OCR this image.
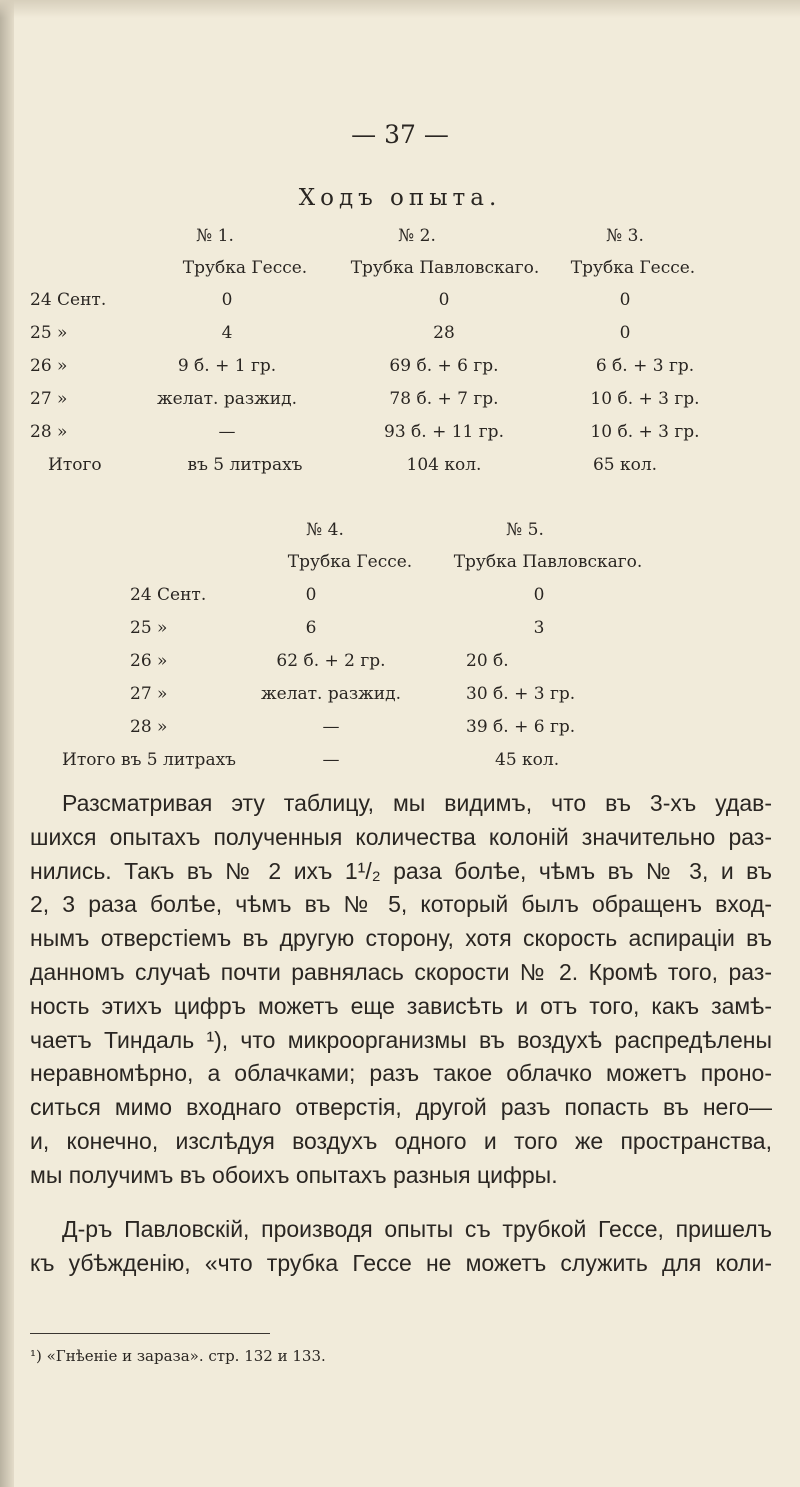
— 37 —
Ходъ опыта.
№ 1.	№ 2.	№ 3.
Трубка Гессе.	Трубка Павловскаго.	Трубка Гессе.
24 Сент.	0	0	0
25 »	4	28	0
26 »	9 б. + 1 гр.	69 б. + 6 гр.	6 б. + 3 гр.
27 »	желат. разжид.	78 б. + 7 гр.	10 б. + 3 гр.
28 »	—	93 б. + 11 гр.	10 б. + 3 гр.
Итого	въ 5 литрахъ	104 кол.	65 кол.
№ 4.	№ 5.
Трубка Гессе.	Трубка Павловскаго.
24 Сент.	0	0
25 »	6	3
26 »	62 б. + 2 гр.	20 б.
27 »	желат. разжид.	30 б. + 3 гр.
28 »	—	39 б. + 6 гр.
Итого въ 5 литрахъ	—	45 кол.
Разсматривая эту таблицу, мы видимъ, что въ 3-хъ удав-
шихся опытахъ полученныя количества колоній значительно раз-
нились. Такъ въ № 2 ихъ 1¹/₂ раза болѣе, чѣмъ въ № 3, и въ
2, 3 раза болѣе, чѣмъ въ № 5, который былъ обращенъ вход-
нымъ отверстіемъ въ другую сторону, хотя скорость аспираціи въ
данномъ случаѣ почти равнялась скорости № 2. Кромѣ того, раз-
ность этихъ цифръ можетъ еще зависѣть и отъ того, какъ замѣ-
чаетъ Тиндаль ¹), что микроорганизмы въ воздухѣ распредѣлены
неравномѣрно, а облачками; разъ такое облачко можетъ проно-
ситься мимо входнаго отверстія, другой разъ попасть въ него—
и, конечно, изслѣдуя воздухъ одного и того же пространства,
мы получимъ въ обоихъ опытахъ разныя цифры.
Д-ръ Павловскій, производя опыты съ трубкой Гессе, пришелъ
къ убѣжденію, «что трубка Гессе не можетъ служить для коли-
¹) «Гнѣеніе и зараза». стр. 132 и 133.
